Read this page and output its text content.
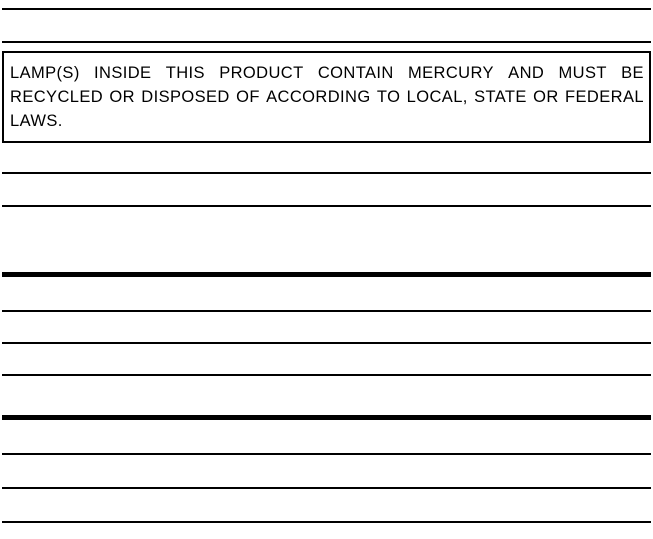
LAMP(S) INSIDE THIS PRODUCT CONTAIN MERCURY AND MUST BE
RECYCLED OR DISPOSED OF ACCORDING TO LOCAL, STATE OR FEDERAL
LAWS.
